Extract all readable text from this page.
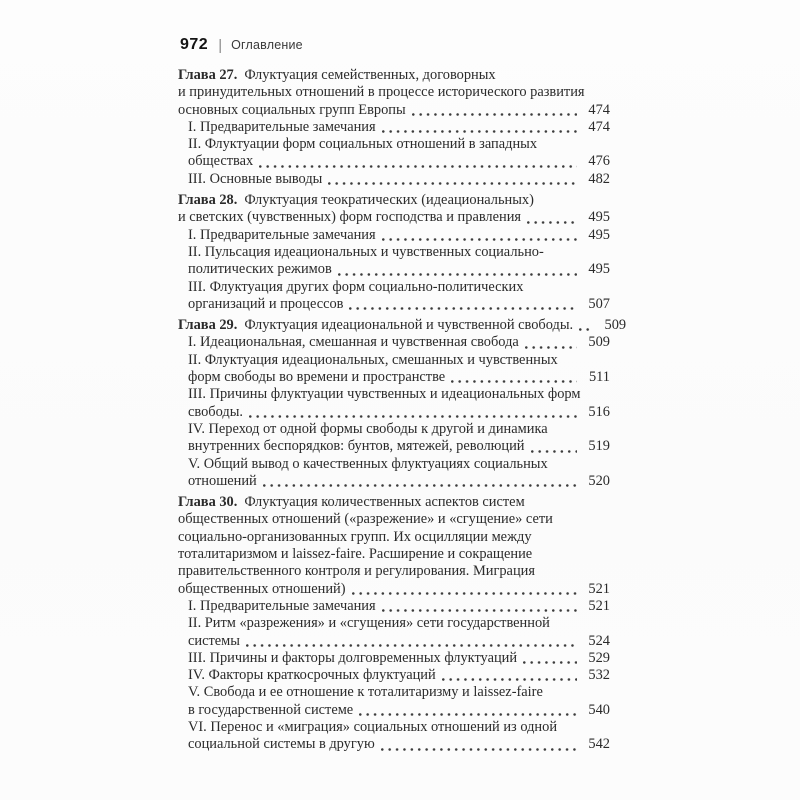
972 | Оглавление
Глава 27. Флуктуация семейственных, договорных
и принудительных отношений в процессе исторического развития
основных социальных групп Европы	474
I. Предварительные замечания	474
II. Флуктуации форм социальных отношений в западных
обществах	476
III. Основные выводы	482
Глава 28. Флуктуация теократических (идеациональных)
и светских (чувственных) форм господства и правления	495
I. Предварительные замечания	495
II. Пульсация идеациональных и чувственных социально-
политических режимов	495
III. Флуктуация других форм социально-политических
организаций и процессов	507
Глава 29. Флуктуация идеациональной и чувственной свободы.	509
I. Идеациональная, смешанная и чувственная свобода	509
II. Флуктуация идеациональных, смешанных и чувственных
форм свободы во времени и пространстве	511
III. Причины флуктуации чувственных и идеациональных форм
свободы.	516
IV. Переход от одной формы свободы к другой и динамика
внутренних беспорядков: бунтов, мятежей, революций	519
V. Общий вывод о качественных флуктуациях социальных
отношений	520
Глава 30. Флуктуация количественных аспектов систем
общественных отношений («разрежение» и «сгущение» сети
социально-организованных групп. Их осцилляции между
тоталитаризмом и laissez-faire. Расширение и сокращение
правительственного контроля и регулирования. Миграция
общественных отношений)	521
I. Предварительные замечания	521
II. Ритм «разрежения» и «сгущения» сети государственной
системы	524
III. Причины и факторы долговременных флуктуаций	529
IV. Факторы краткосрочных флуктуаций	532
V. Свобода и ее отношение к тоталитаризму и laissez-faire
в государственной системе	540
VI. Перенос и «миграция» социальных отношений из одной
социальной системы в другую	542
